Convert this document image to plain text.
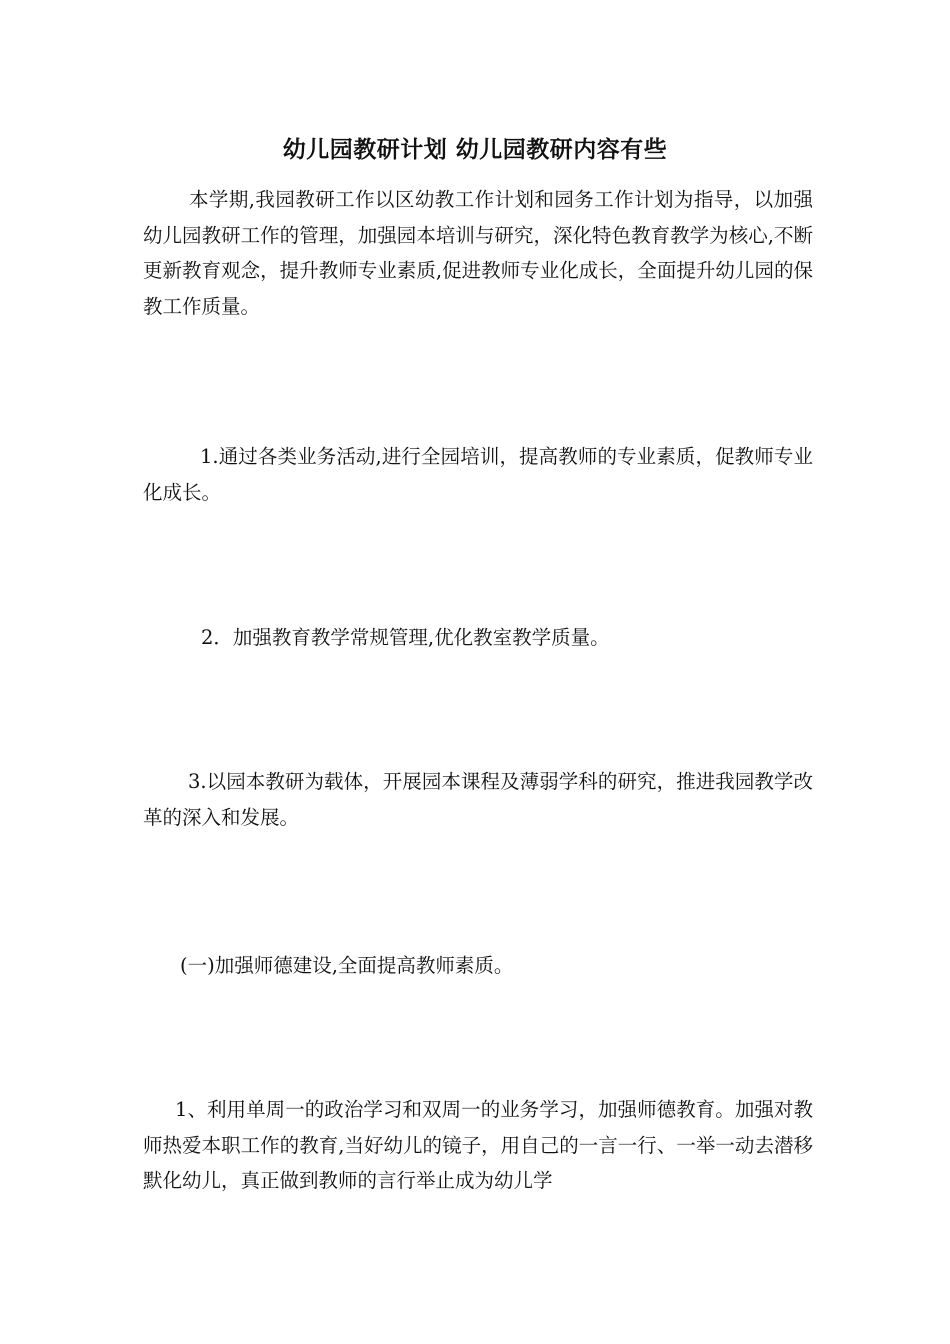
幼儿园教研计划 幼儿园教研内容有些

本学期,我园教研工作以区幼教工作计划和园务工作计划为指导，以加强幼儿园教研工作的管理，加强园本培训与研究，深化特色教育教学为核心,不断更新教育观念，提升教师专业素质,促进教师专业化成长，全面提升幼儿园的保教工作质量。

1.通过各类业务活动,进行全园培训，提高教师的专业素质，促教师专业化成长。

2．加强教育教学常规管理,优化教室教学质量。

3.以园本教研为载体，开展园本课程及薄弱学科的研究，推进我园教学改革的深入和发展。

(一)加强师德建设,全面提高教师素质。

1、利用单周一的政治学习和双周一的业务学习，加强师德教育。加强对教师热爱本职工作的教育,当好幼儿的镜子，用自己的一言一行、一举一动去潜移默化幼儿，真正做到教师的言行举止成为幼儿学
